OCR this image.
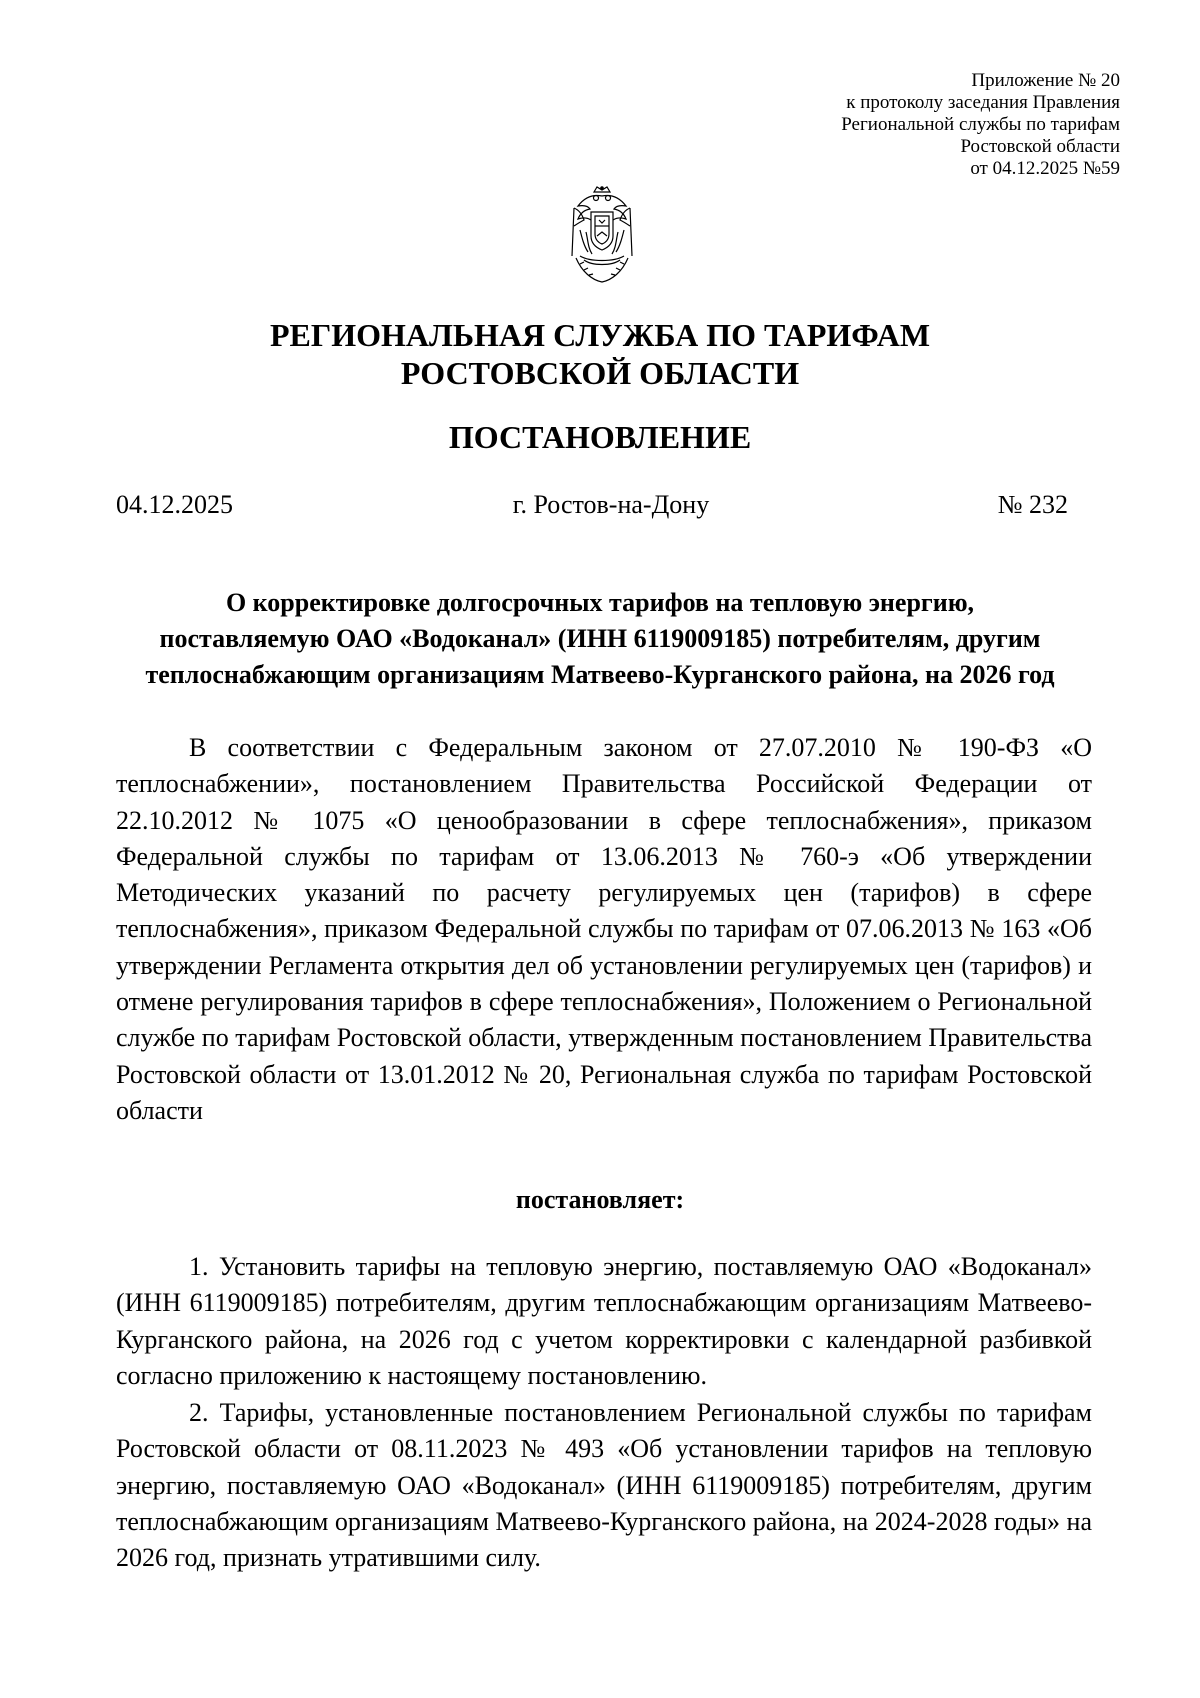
Приложение № 20
к протоколу заседания Правления
Региональной службы по тарифам
Ростовской области
от 04.12.2025 №59
РЕГИОНАЛЬНАЯ СЛУЖБА ПО ТАРИФАМ
РОСТОВСКОЙ ОБЛАСТИ
ПОСТАНОВЛЕНИЕ
04.12.2025	г. Ростов-на-Дону	№ 232
О корректировке долгосрочных тарифов на тепловую энергию,
поставляемую ОАО «Водоканал» (ИНН 6119009185) потребителям, другим
теплоснабжающим организациям Матвеево-Курганского района, на 2026 год

В соответствии с Федеральным законом от 27.07.2010 № 190-ФЗ «О теплоснабжении», постановлением Правительства Российской Федерации от 22.10.2012 № 1075 «О ценообразовании в сфере теплоснабжения», приказом Федеральной службы по тарифам от 13.06.2013 № 760-э «Об утверждении Методических указаний по расчету регулируемых цен (тарифов) в сфере теплоснабжения», приказом Федеральной службы по тарифам от 07.06.2013 № 163 «Об утверждении Регламента открытия дел об установлении регулируемых цен (тарифов) и отмене регулирования тарифов в сфере теплоснабжения», Положением о Региональной службе по тарифам Ростовской области, утвержденным постановлением Правительства Ростовской области от 13.01.2012 № 20, Региональная служба по тарифам Ростовской области

постановляет:

1. Установить тарифы на тепловую энергию, поставляемую ОАО «Водоканал» (ИНН 6119009185) потребителям, другим теплоснабжающим организациям Матвеево-Курганского района, на 2026 год с учетом корректировки с календарной разбивкой согласно приложению к настоящему постановлению.

2. Тарифы, установленные постановлением Региональной службы по тарифам Ростовской области от 08.11.2023 № 493 «Об установлении тарифов на тепловую энергию, поставляемую ОАО «Водоканал» (ИНН 6119009185) потребителям, другим теплоснабжающим организациям Матвеево-Курганского района, на 2024-2028 годы» на 2026 год, признать утратившими силу.
